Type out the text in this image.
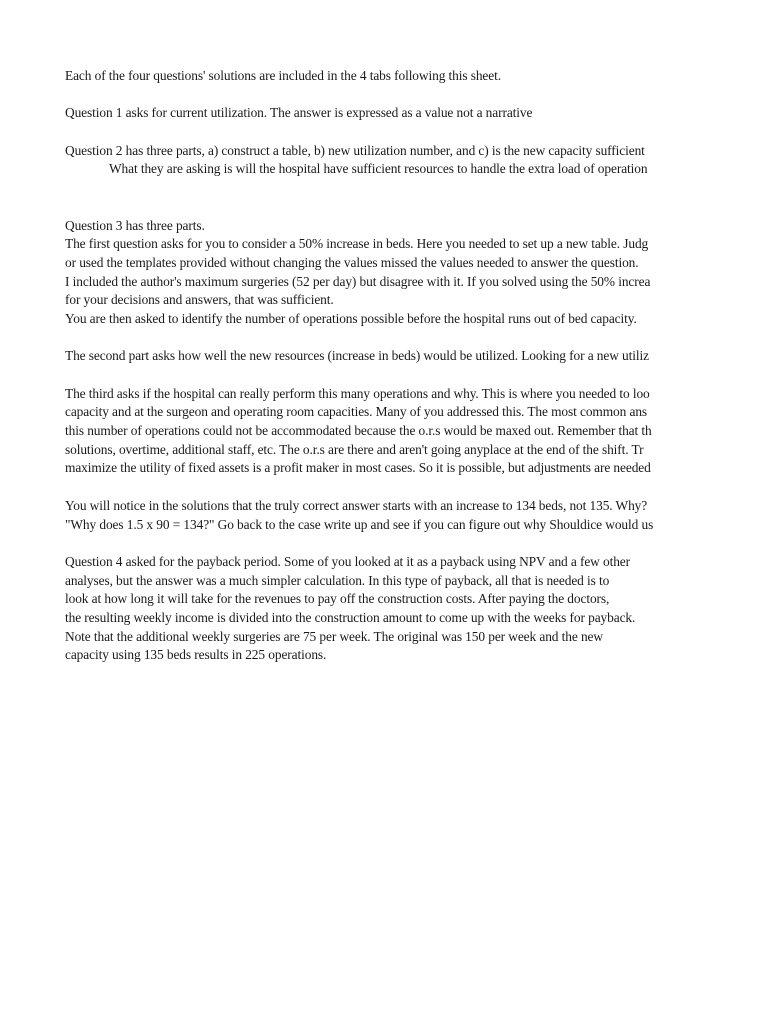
Each of the four questions' solutions are included in the 4 tabs following this sheet.
Question 1 asks for current utilization. The answer is expressed as a value not a narrative
Question 2 has three parts, a) construct a table, b) new utilization number, and c) is the new capacity sufficient
What they are asking is will the hospital have sufficient resources to handle the extra load of operation
Question 3 has three parts.
The first question asks for you to consider a 50% increase in beds. Here you needed to set up a new table. Judg
or used the templates provided without changing the values missed the values needed to answer the question.
I included the author's maximum surgeries (52 per day) but disagree with it. If you solved using the 50% increa
for your decisions and answers, that was sufficient.
You are then asked to identify the number of operations possible before the hospital runs out of bed capacity.
The second part asks how well the new resources (increase in beds) would be utilized. Looking for a new utiliz
The third asks if the hospital can really perform this many operations and why. This is where you needed to loo
capacity and at the surgeon and operating room capacities. Many of you addressed this. The most common ans
this number of operations could not be accommodated because the o.r.s would be maxed out. Remember that th
solutions, overtime, additional staff, etc. The o.r.s are there and aren't going anyplace at the end of the shift. Tr
maximize the utility of fixed assets is a profit maker in most cases. So it is possible, but adjustments are needed
You will notice in the solutions that the truly correct answer starts with an increase to 134 beds, not 135. Why?
"Why does 1.5 x 90 = 134?" Go back to the case write up and see if you can figure out why Shouldice would us
Question 4 asked for the payback period. Some of you looked at it as a payback using NPV and a few other
analyses, but the answer was a much simpler calculation. In this type of payback, all that is needed is to
look at how long it will take for the revenues to pay off the construction costs. After paying the doctors,
the resulting weekly income is divided into the construction amount to come up with the weeks for payback.
Note that the additional weekly surgeries are 75 per week. The original was 150 per week and the new
capacity using 135 beds results in 225 operations.
